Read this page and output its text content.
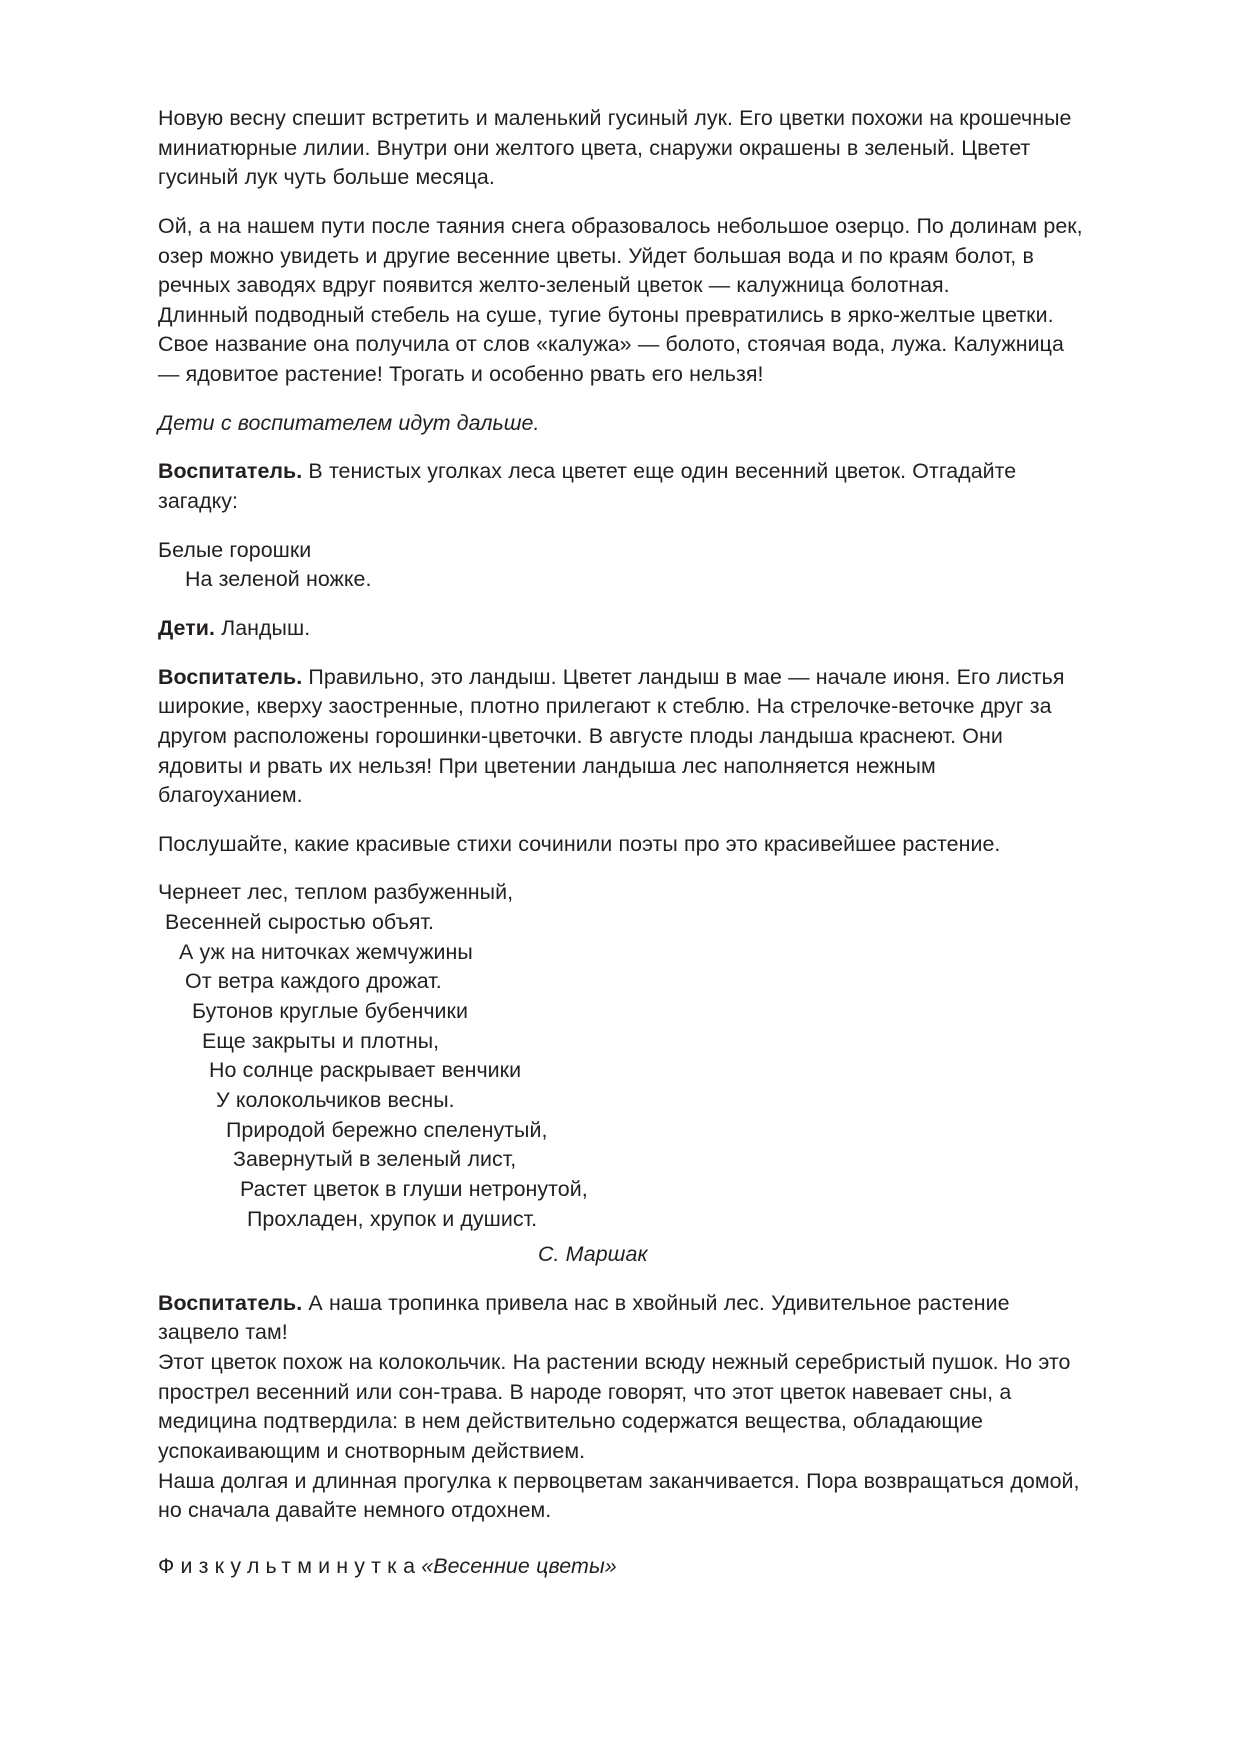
Новую весну спешит встретить и маленький гусиный лук. Его цветки похожи на крошечные миниатюрные лилии. Внутри они желтого цвета, снаружи окрашены в зеленый. Цветет гусиный лук чуть больше месяца.

Ой, а на нашем пути после таяния снега образовалось небольшое озерцо. По долинам рек, озер можно увидеть и другие весенние цветы. Уйдет большая вода и по краям болот, в речных заводях вдруг появится желто-зеленый цветок — калужница болотная.

Длинный подводный стебель на суше, тугие бутоны превратились в ярко-желтые цветки. Свое название она получила от слов «калужа» — болото, стоячая вода, лужа. Калужница — ядовитое растение! Трогать и особенно рвать его нельзя!

Дети с воспитателем идут дальше.

Воспитатель. В тенистых уголках леса цветет еще один весенний цветок. Отгадайте загадку:

Белые горошки

На зеленой ножке.

Дети. Ландыш.

Воспитатель. Правильно, это ландыш. Цветет ландыш в мае — начале июня. Его листья широкие, кверху заостренные, плотно прилегают к стеблю. На стрелочке-веточке друг за другом расположены горошинки-цветочки. В августе плоды ландыша краснеют. Они ядовиты и рвать их нельзя! При цветении ландыша лес наполняется нежным благоуханием.

Послушайте, какие красивые стихи сочинили поэты про это красивейшее растение.

Чернеет лес, теплом разбуженный,

Весенней сыростью объят.

А уж на ниточках жемчужины

От ветра каждого дрожат.

Бутонов круглые бубенчики

Еще закрыты и плотны,

Но солнце раскрывает венчики

У колокольчиков весны.

Природой бережно спеленутый,

Завернутый в зеленый лист,

Растет цветок в глуши нетронутой,

Прохладен, хрупок и душист.

С. Маршак

Воспитатель. А наша тропинка привела нас в хвойный лес. Удивительное растение зацвело там!

Этот цветок похож на колокольчик. На растении всюду нежный серебристый пушок. Но это прострел весенний или сон-трава. В народе говорят, что этот цветок навевает сны, а медицина подтвердила: в нем действительно содержатся вещества, обладающие успокаивающим и снотворным действием.

Наша долгая и длинная прогулка к первоцветам заканчивается. Пора возвращаться домой, но сначала давайте немного отдохнем.

Физкультминутка«Весенние цветы»
